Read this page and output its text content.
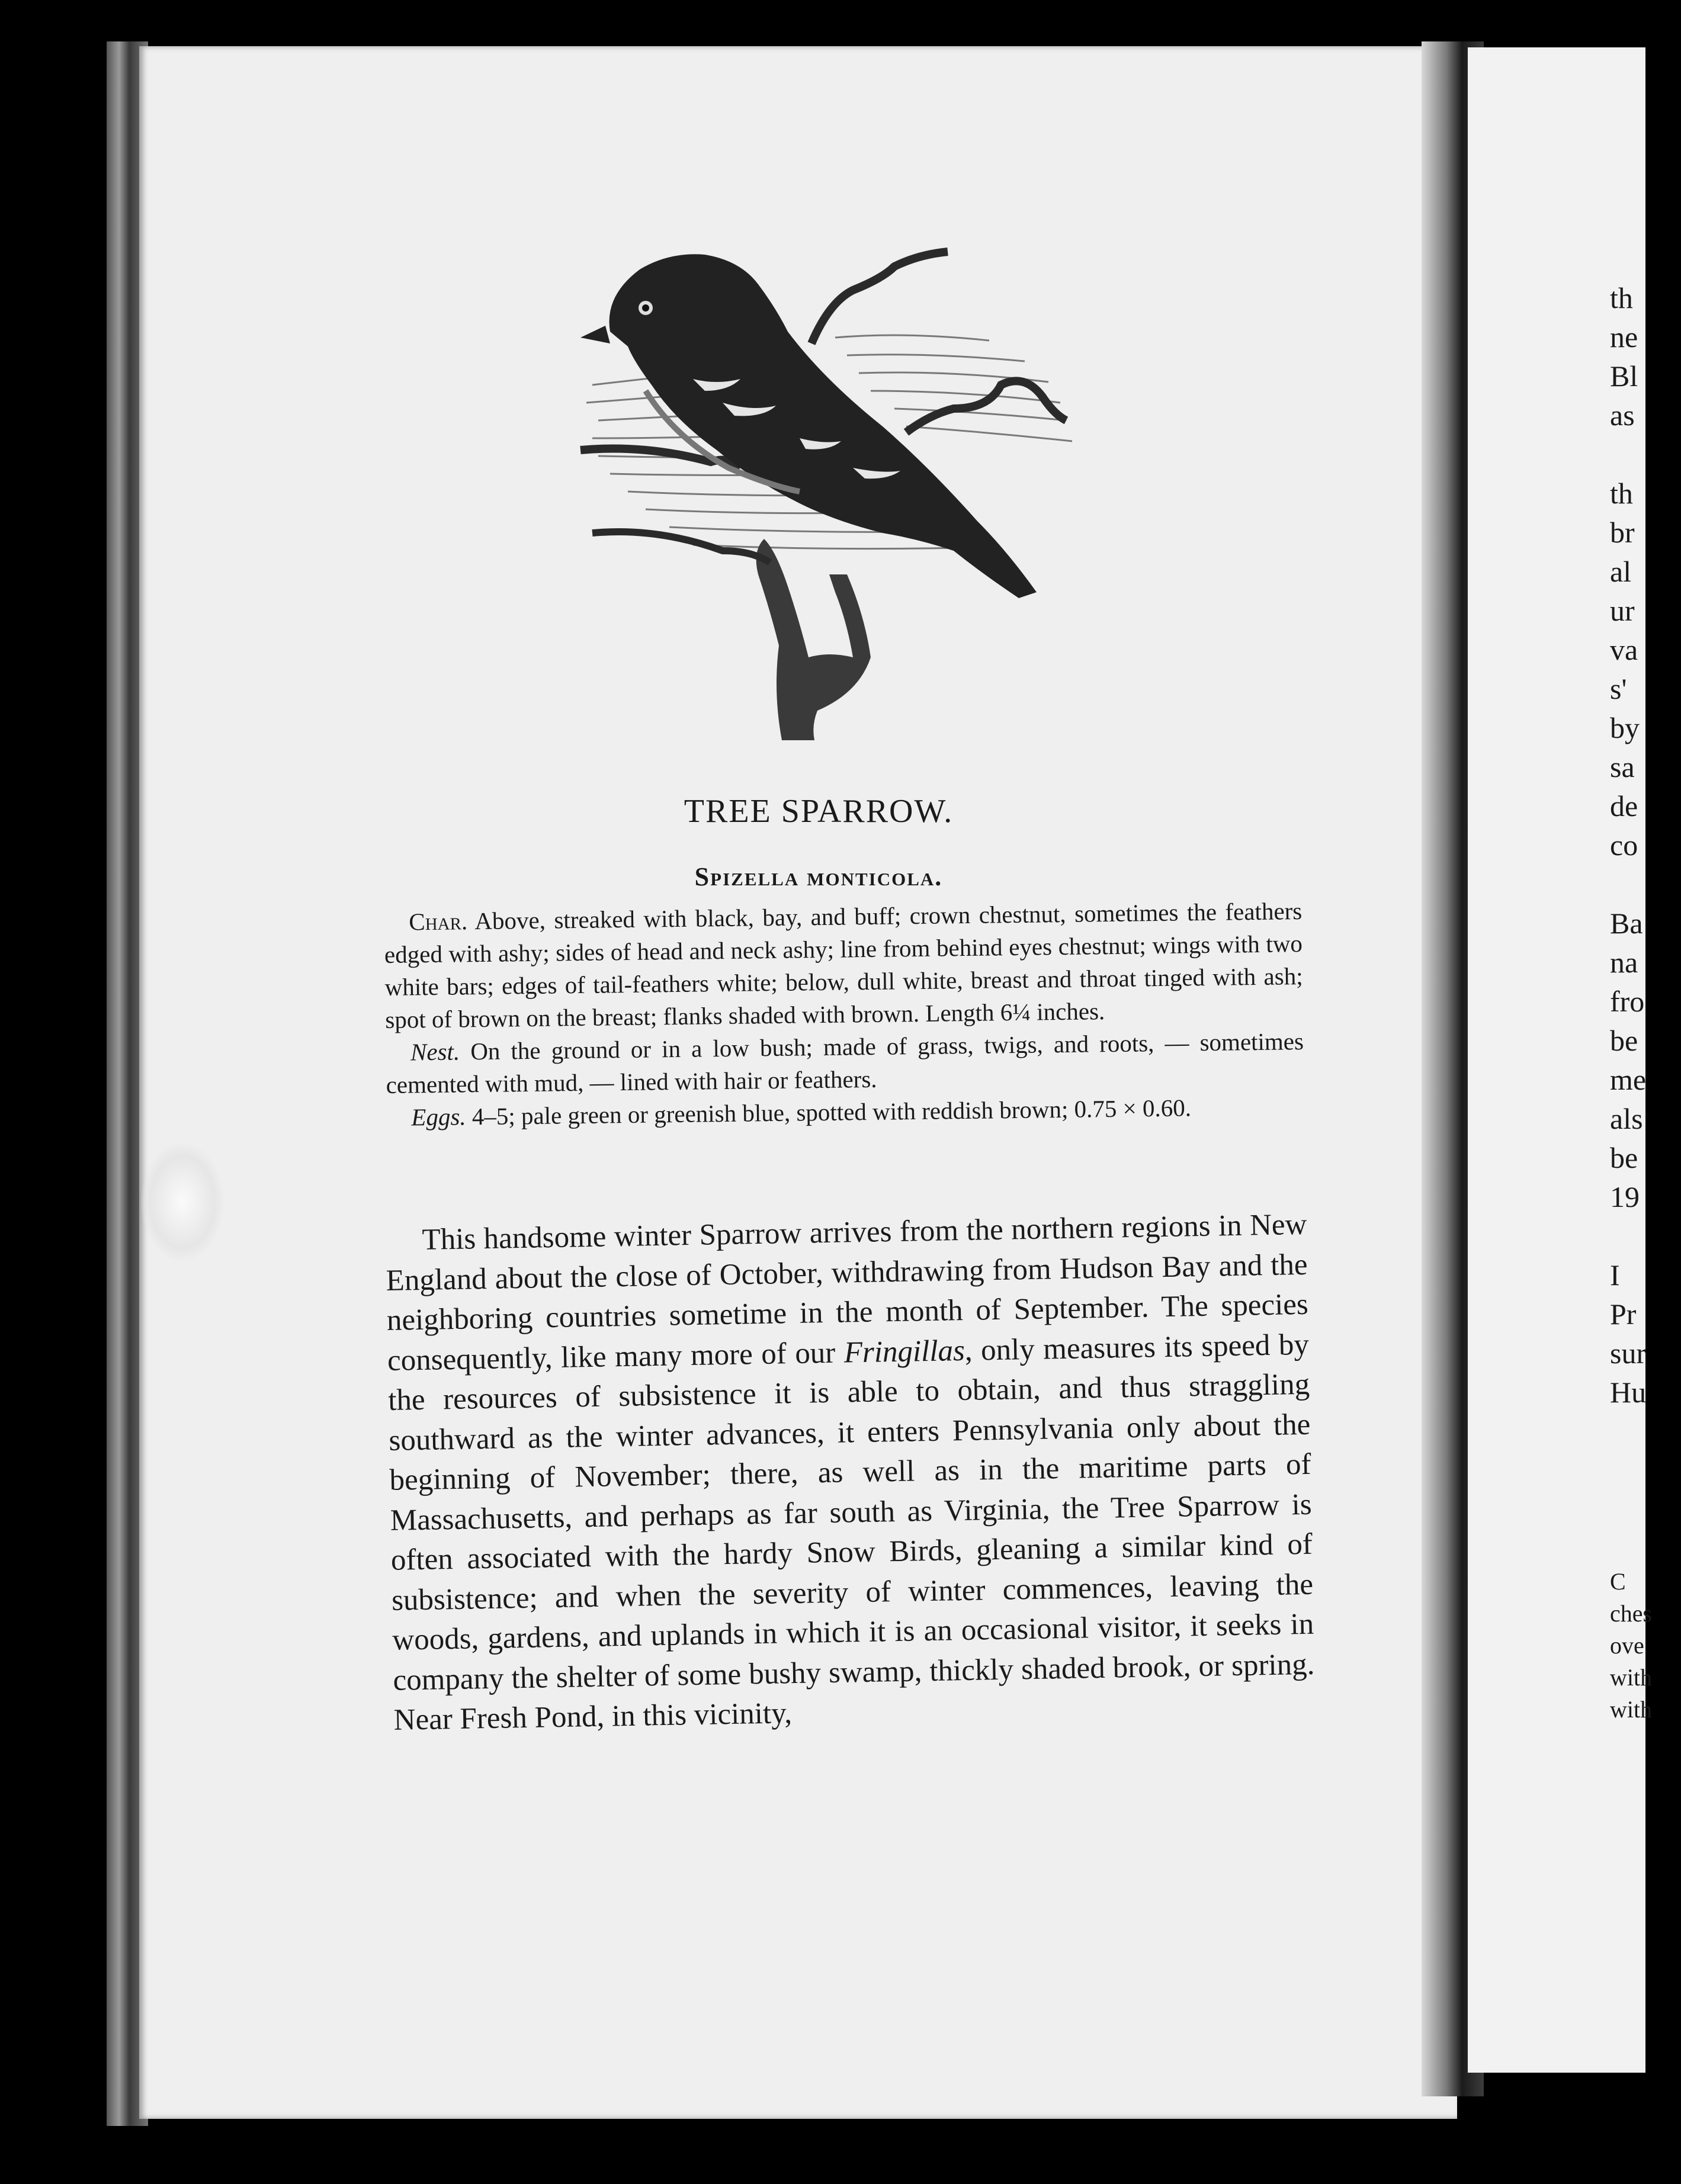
TREE SPARROW.
Spizella monticola.

Char. Above, streaked with black, bay, and buff; crown chestnut, sometimes the feathers edged with ashy; sides of head and neck ashy; line from behind eyes chestnut; wings with two white bars; edges of tail-feathers white; below, dull white, breast and throat tinged with ash; spot of brown on the breast; flanks shaded with brown. Length 6¼ inches.

Nest. On the ground or in a low bush; made of grass, twigs, and roots, — sometimes cemented with mud, — lined with hair or feathers.

Eggs. 4–5; pale green or greenish blue, spotted with reddish brown; 0.75 × 0.60.

This handsome winter Sparrow arrives from the northern regions in New England about the close of October, withdrawing from Hudson Bay and the neighboring countries sometime in the month of September. The species consequently, like many more of our Fringillas, only measures its speed by the resources of subsistence it is able to obtain, and thus straggling southward as the winter advances, it enters Pennsylvania only about the beginning of November; there, as well as in the maritime parts of Massachusetts, and perhaps as far south as Virginia, the Tree Sparrow is often associated with the hardy Snow Birds, gleaning a similar kind of subsistence; and when the severity of winter commences, leaving the woods, gardens, and uplands in which it is an occasional visitor, it seeks in company the shelter of some bushy swamp, thickly shaded brook, or spring. Near Fresh Pond, in this vicinity,

th
ne
Bl
as
th
br
al
ur
va
s'
by
sa
de
co
Ba
na
fro
be
me
als
be
19
I
Pr
sur
Hu
C
ches
ove
with
with
